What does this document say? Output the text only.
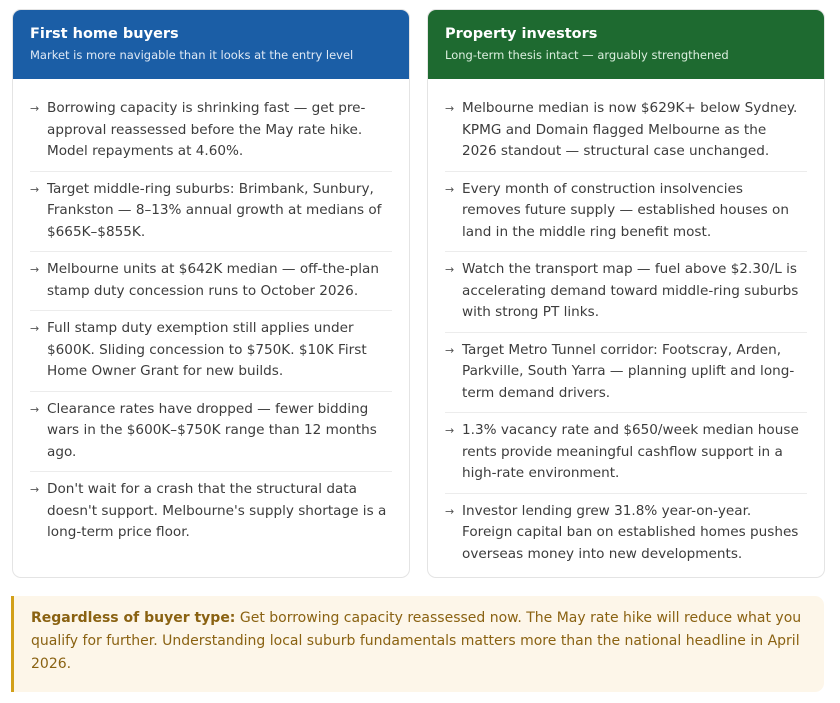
First home buyers
Market is more navigable than it looks at the entry level
→ Borrowing capacity is shrinking fast — get pre-approval reassessed before the May rate hike. Model repayments at 4.60%.
→ Target middle-ring suburbs: Brimbank, Sunbury, Frankston — 8–13% annual growth at medians of $665K–$855K.
→ Melbourne units at $642K median — off-the-plan stamp duty concession runs to October 2026.
→ Full stamp duty exemption still applies under $600K. Sliding concession to $750K. $10K First Home Owner Grant for new builds.
→ Clearance rates have dropped — fewer bidding wars in the $600K–$750K range than 12 months ago.
→ Don't wait for a crash that the structural data doesn't support. Melbourne's supply shortage is a long-term price floor.
Property investors
Long-term thesis intact — arguably strengthened
→ Melbourne median is now $629K+ below Sydney. KPMG and Domain flagged Melbourne as the 2026 standout — structural case unchanged.
→ Every month of construction insolvencies removes future supply — established houses on land in the middle ring benefit most.
→ Watch the transport map — fuel above $2.30/L is accelerating demand toward middle-ring suburbs with strong PT links.
→ Target Metro Tunnel corridor: Footscray, Arden, Parkville, South Yarra — planning uplift and long-term demand drivers.
→ 1.3% vacancy rate and $650/week median house rents provide meaningful cashflow support in a high-rate environment.
→ Investor lending grew 31.8% year-on-year. Foreign capital ban on established homes pushes overseas money into new developments.
Regardless of buyer type: Get borrowing capacity reassessed now. The May rate hike will reduce what you qualify for further. Understanding local suburb fundamentals matters more than the national headline in April 2026.
